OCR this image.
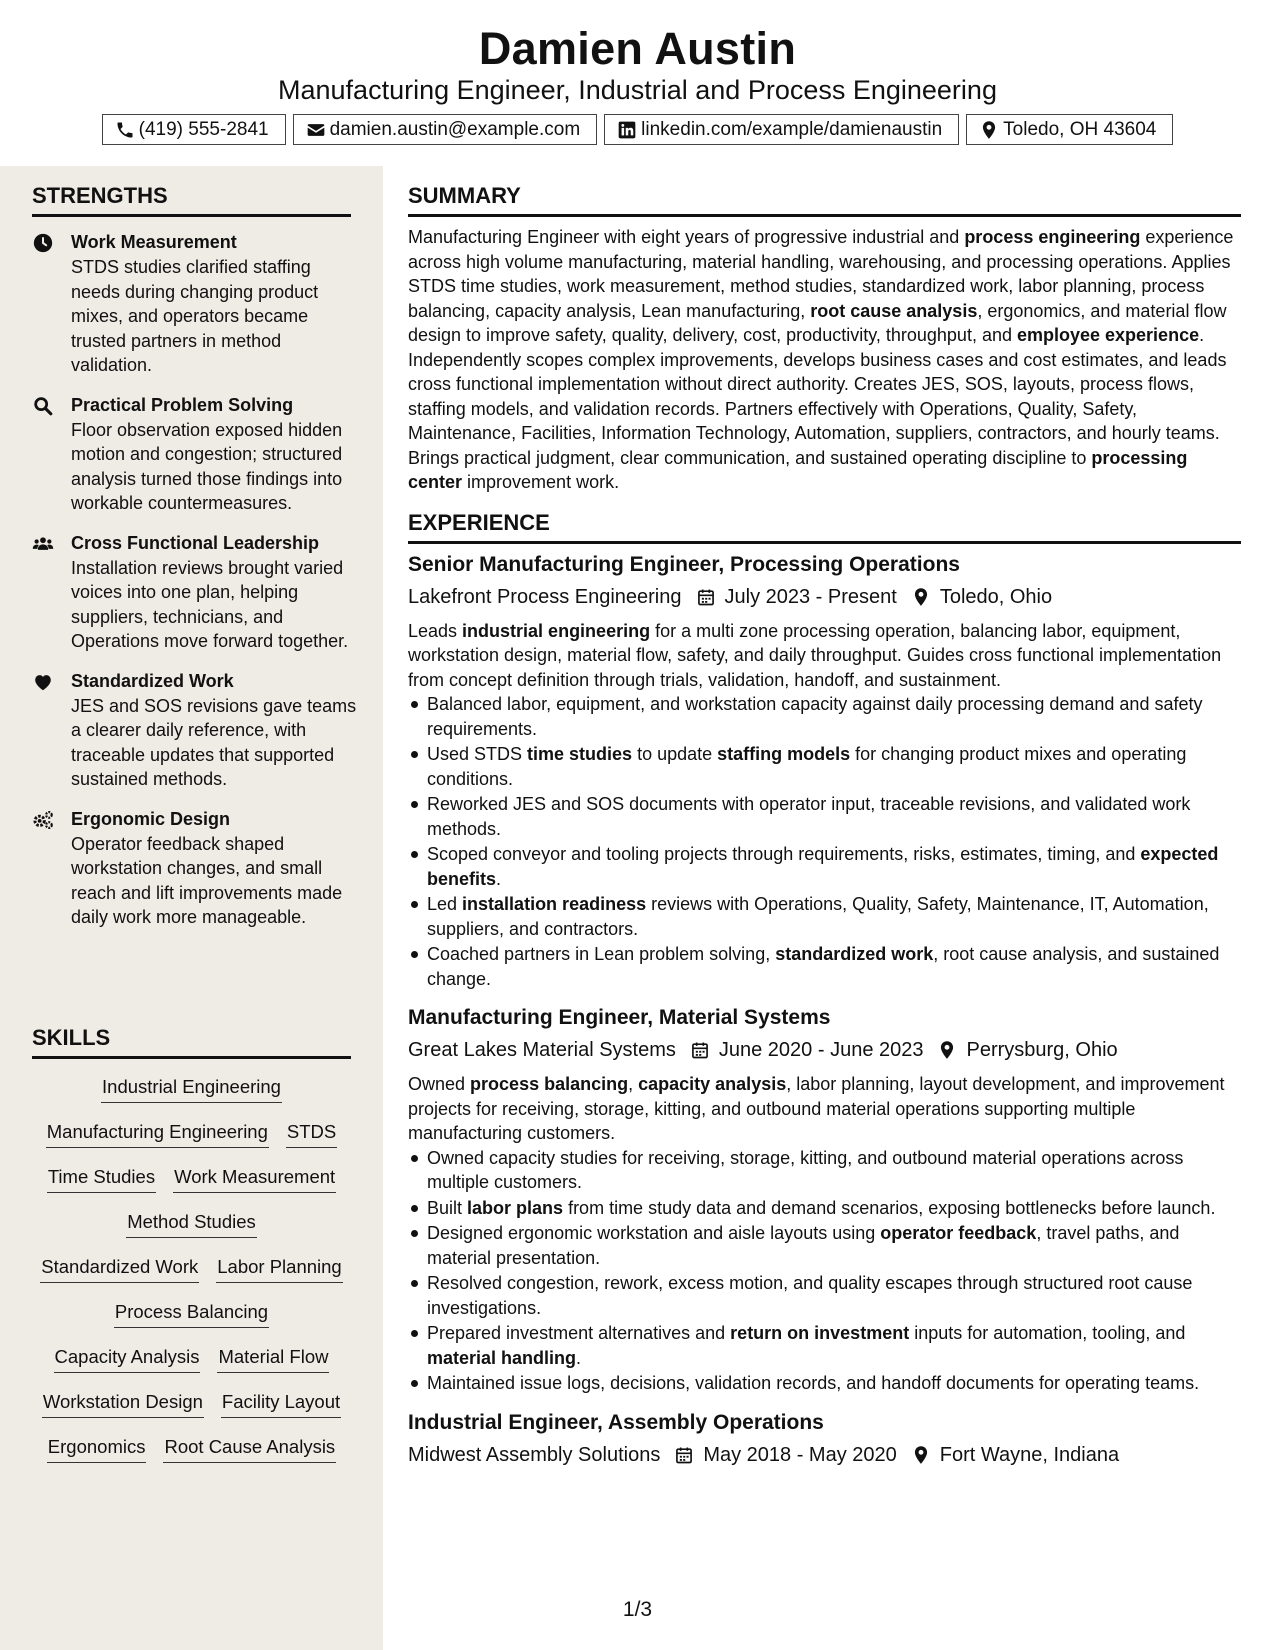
Damien Austin
Manufacturing Engineer, Industrial and Process Engineering
(419) 555-2841	damien.austin@example.com	linkedin.com/example/damienaustin	Toledo, OH 43604
STRENGTHS
Work Measurement
STDS studies clarified staffing needs during changing product mixes, and operators became trusted partners in method validation.
Practical Problem Solving
Floor observation exposed hidden motion and congestion; structured analysis turned those findings into workable countermeasures.
Cross Functional Leadership
Installation reviews brought varied voices into one plan, helping suppliers, technicians, and Operations move forward together.
Standardized Work
JES and SOS revisions gave teams a clearer daily reference, with traceable updates that supported sustained methods.
Ergonomic Design
Operator feedback shaped workstation changes, and small reach and lift improvements made daily work more manageable.
SKILLS
Industrial Engineering
Manufacturing Engineering STDS
Time Studies Work Measurement
Method Studies
Standardized Work Labor Planning
Process Balancing
Capacity Analysis Material Flow
Workstation Design Facility Layout
Ergonomics Root Cause Analysis
SUMMARY
Manufacturing Engineer with eight years of progressive industrial and process engineering experience across high volume manufacturing, material handling, warehousing, and processing operations. Applies STDS time studies, work measurement, method studies, standardized work, labor planning, process balancing, capacity analysis, Lean manufacturing, root cause analysis, ergonomics, and material flow design to improve safety, quality, delivery, cost, productivity, throughput, and employee experience. Independently scopes complex improvements, develops business cases and cost estimates, and leads cross functional implementation without direct authority. Creates JES, SOS, layouts, process flows, staffing models, and validation records. Partners effectively with Operations, Quality, Safety, Maintenance, Facilities, Information Technology, Automation, suppliers, contractors, and hourly teams. Brings practical judgment, clear communication, and sustained operating discipline to processing center improvement work.
EXPERIENCE
Senior Manufacturing Engineer, Processing Operations
Lakefront Process Engineering July 2023 - Present Toledo, Ohio
Leads industrial engineering for a multi zone processing operation, balancing labor, equipment, workstation design, material flow, safety, and daily throughput. Guides cross functional implementation from concept definition through trials, validation, handoff, and sustainment.
Balanced labor, equipment, and workstation capacity against daily processing demand and safety requirements.
Used STDS time studies to update staffing models for changing product mixes and operating conditions.
Reworked JES and SOS documents with operator input, traceable revisions, and validated work methods.
Scoped conveyor and tooling projects through requirements, risks, estimates, timing, and expected benefits.
Led installation readiness reviews with Operations, Quality, Safety, Maintenance, IT, Automation, suppliers, and contractors.
Coached partners in Lean problem solving, standardized work, root cause analysis, and sustained change.
Manufacturing Engineer, Material Systems
Great Lakes Material Systems June 2020 - June 2023 Perrysburg, Ohio
Owned process balancing, capacity analysis, labor planning, layout development, and improvement projects for receiving, storage, kitting, and outbound material operations supporting multiple manufacturing customers.
Owned capacity studies for receiving, storage, kitting, and outbound material operations across multiple customers.
Built labor plans from time study data and demand scenarios, exposing bottlenecks before launch.
Designed ergonomic workstation and aisle layouts using operator feedback, travel paths, and material presentation.
Resolved congestion, rework, excess motion, and quality escapes through structured root cause investigations.
Prepared investment alternatives and return on investment inputs for automation, tooling, and material handling.
Maintained issue logs, decisions, validation records, and handoff documents for operating teams.
Industrial Engineer, Assembly Operations
Midwest Assembly Solutions May 2018 - May 2020 Fort Wayne, Indiana
1/3
